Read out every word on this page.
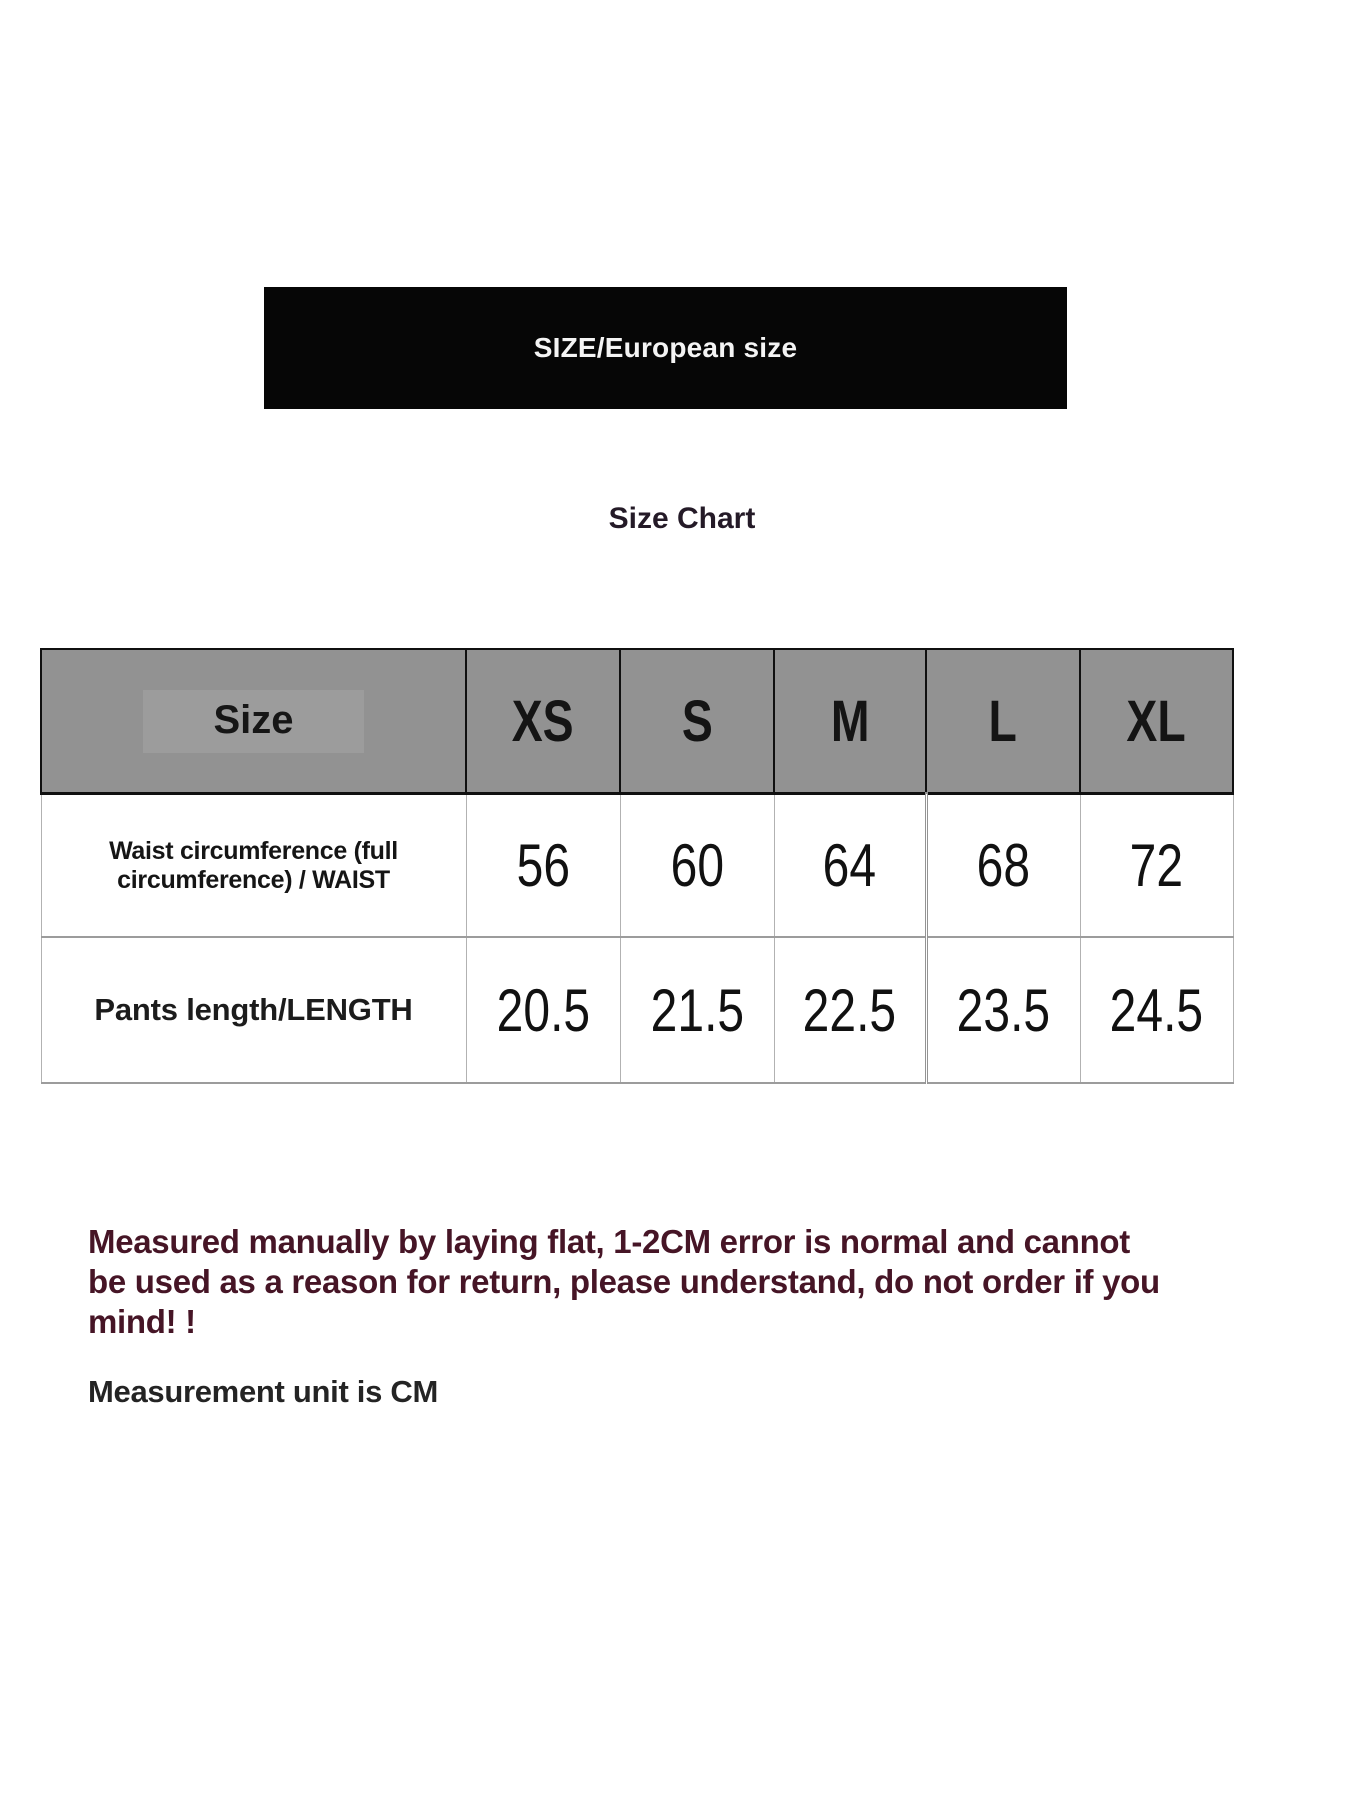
SIZE/European size
Size Chart
Size	XS	S	M	L	XL
Waist circumference (full circumference) / WAIST	56	60	64	68	72
Pants length/LENGTH	20.5	21.5	22.5	23.5	24.5
Measured manually by laying flat, 1-2CM error is normal and cannot
be used as a reason for return, please understand, do not order if you
mind! !
Measurement unit is CM
